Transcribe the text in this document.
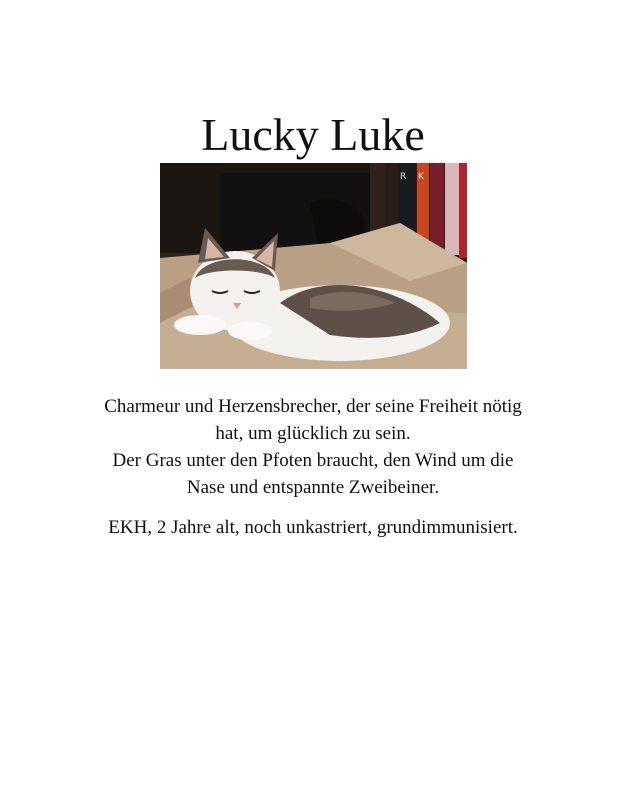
Lucky Luke
R K

Charmeur und Herzensbrecher, der seine Freiheit nötig

hat, um glücklich zu sein.

Der Gras unter den Pfoten braucht, den Wind um die

Nase und entspannte Zweibeiner.

EKH, 2 Jahre alt, noch unkastriert, grundimmunisiert.
